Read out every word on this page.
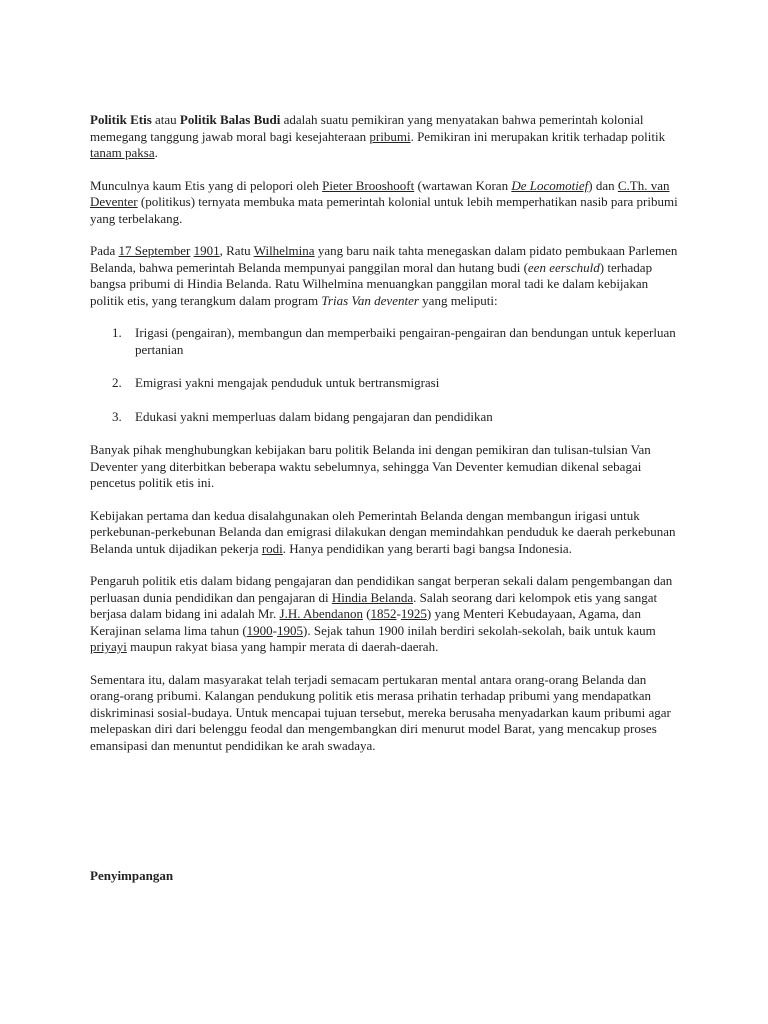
Politik Etis atau Politik Balas Budi adalah suatu pemikiran yang menyatakan bahwa pemerintah kolonial memegang tanggung jawab moral bagi kesejahteraan pribumi. Pemikiran ini merupakan kritik terhadap politik tanam paksa.

Munculnya kaum Etis yang di pelopori oleh Pieter Brooshooft (wartawan Koran De Locomotief) dan C.Th. van Deventer (politikus) ternyata membuka mata pemerintah kolonial untuk lebih memperhatikan nasib para pribumi yang terbelakang.

Pada 17 September 1901, Ratu Wilhelmina yang baru naik tahta menegaskan dalam pidato pembukaan Parlemen Belanda, bahwa pemerintah Belanda mempunyai panggilan moral dan hutang budi (een eerschuld) terhadap bangsa pribumi di Hindia Belanda. Ratu Wilhelmina menuangkan panggilan moral tadi ke dalam kebijakan politik etis, yang terangkum dalam program Trias Van deventer yang meliputi:

1. Irigasi (pengairan), membangun dan memperbaiki pengairan-pengairan dan bendungan untuk keperluan pertanian
2. Emigrasi yakni mengajak penduduk untuk bertransmigrasi
3. Edukasi yakni memperluas dalam bidang pengajaran dan pendidikan

Banyak pihak menghubungkan kebijakan baru politik Belanda ini dengan pemikiran dan tulisan-tulsian Van Deventer yang diterbitkan beberapa waktu sebelumnya, sehingga Van Deventer kemudian dikenal sebagai pencetus politik etis ini.

Kebijakan pertama dan kedua disalahgunakan oleh Pemerintah Belanda dengan membangun irigasi untuk perkebunan-perkebunan Belanda dan emigrasi dilakukan dengan memindahkan penduduk ke daerah perkebunan Belanda untuk dijadikan pekerja rodi. Hanya pendidikan yang berarti bagi bangsa Indonesia.

Pengaruh politik etis dalam bidang pengajaran dan pendidikan sangat berperan sekali dalam pengembangan dan perluasan dunia pendidikan dan pengajaran di Hindia Belanda. Salah seorang dari kelompok etis yang sangat berjasa dalam bidang ini adalah Mr. J.H. Abendanon (1852-1925) yang Menteri Kebudayaan, Agama, dan Kerajinan selama lima tahun (1900-1905). Sejak tahun 1900 inilah berdiri sekolah-sekolah, baik untuk kaum priyayi maupun rakyat biasa yang hampir merata di daerah-daerah.

Sementara itu, dalam masyarakat telah terjadi semacam pertukaran mental antara orang-orang Belanda dan orang-orang pribumi. Kalangan pendukung politik etis merasa prihatin terhadap pribumi yang mendapatkan diskriminasi sosial-budaya. Untuk mencapai tujuan tersebut, mereka berusaha menyadarkan kaum pribumi agar melepaskan diri dari belenggu feodal dan mengembangkan diri menurut model Barat, yang mencakup proses emansipasi dan menuntut pendidikan ke arah swadaya.

Penyimpangan
